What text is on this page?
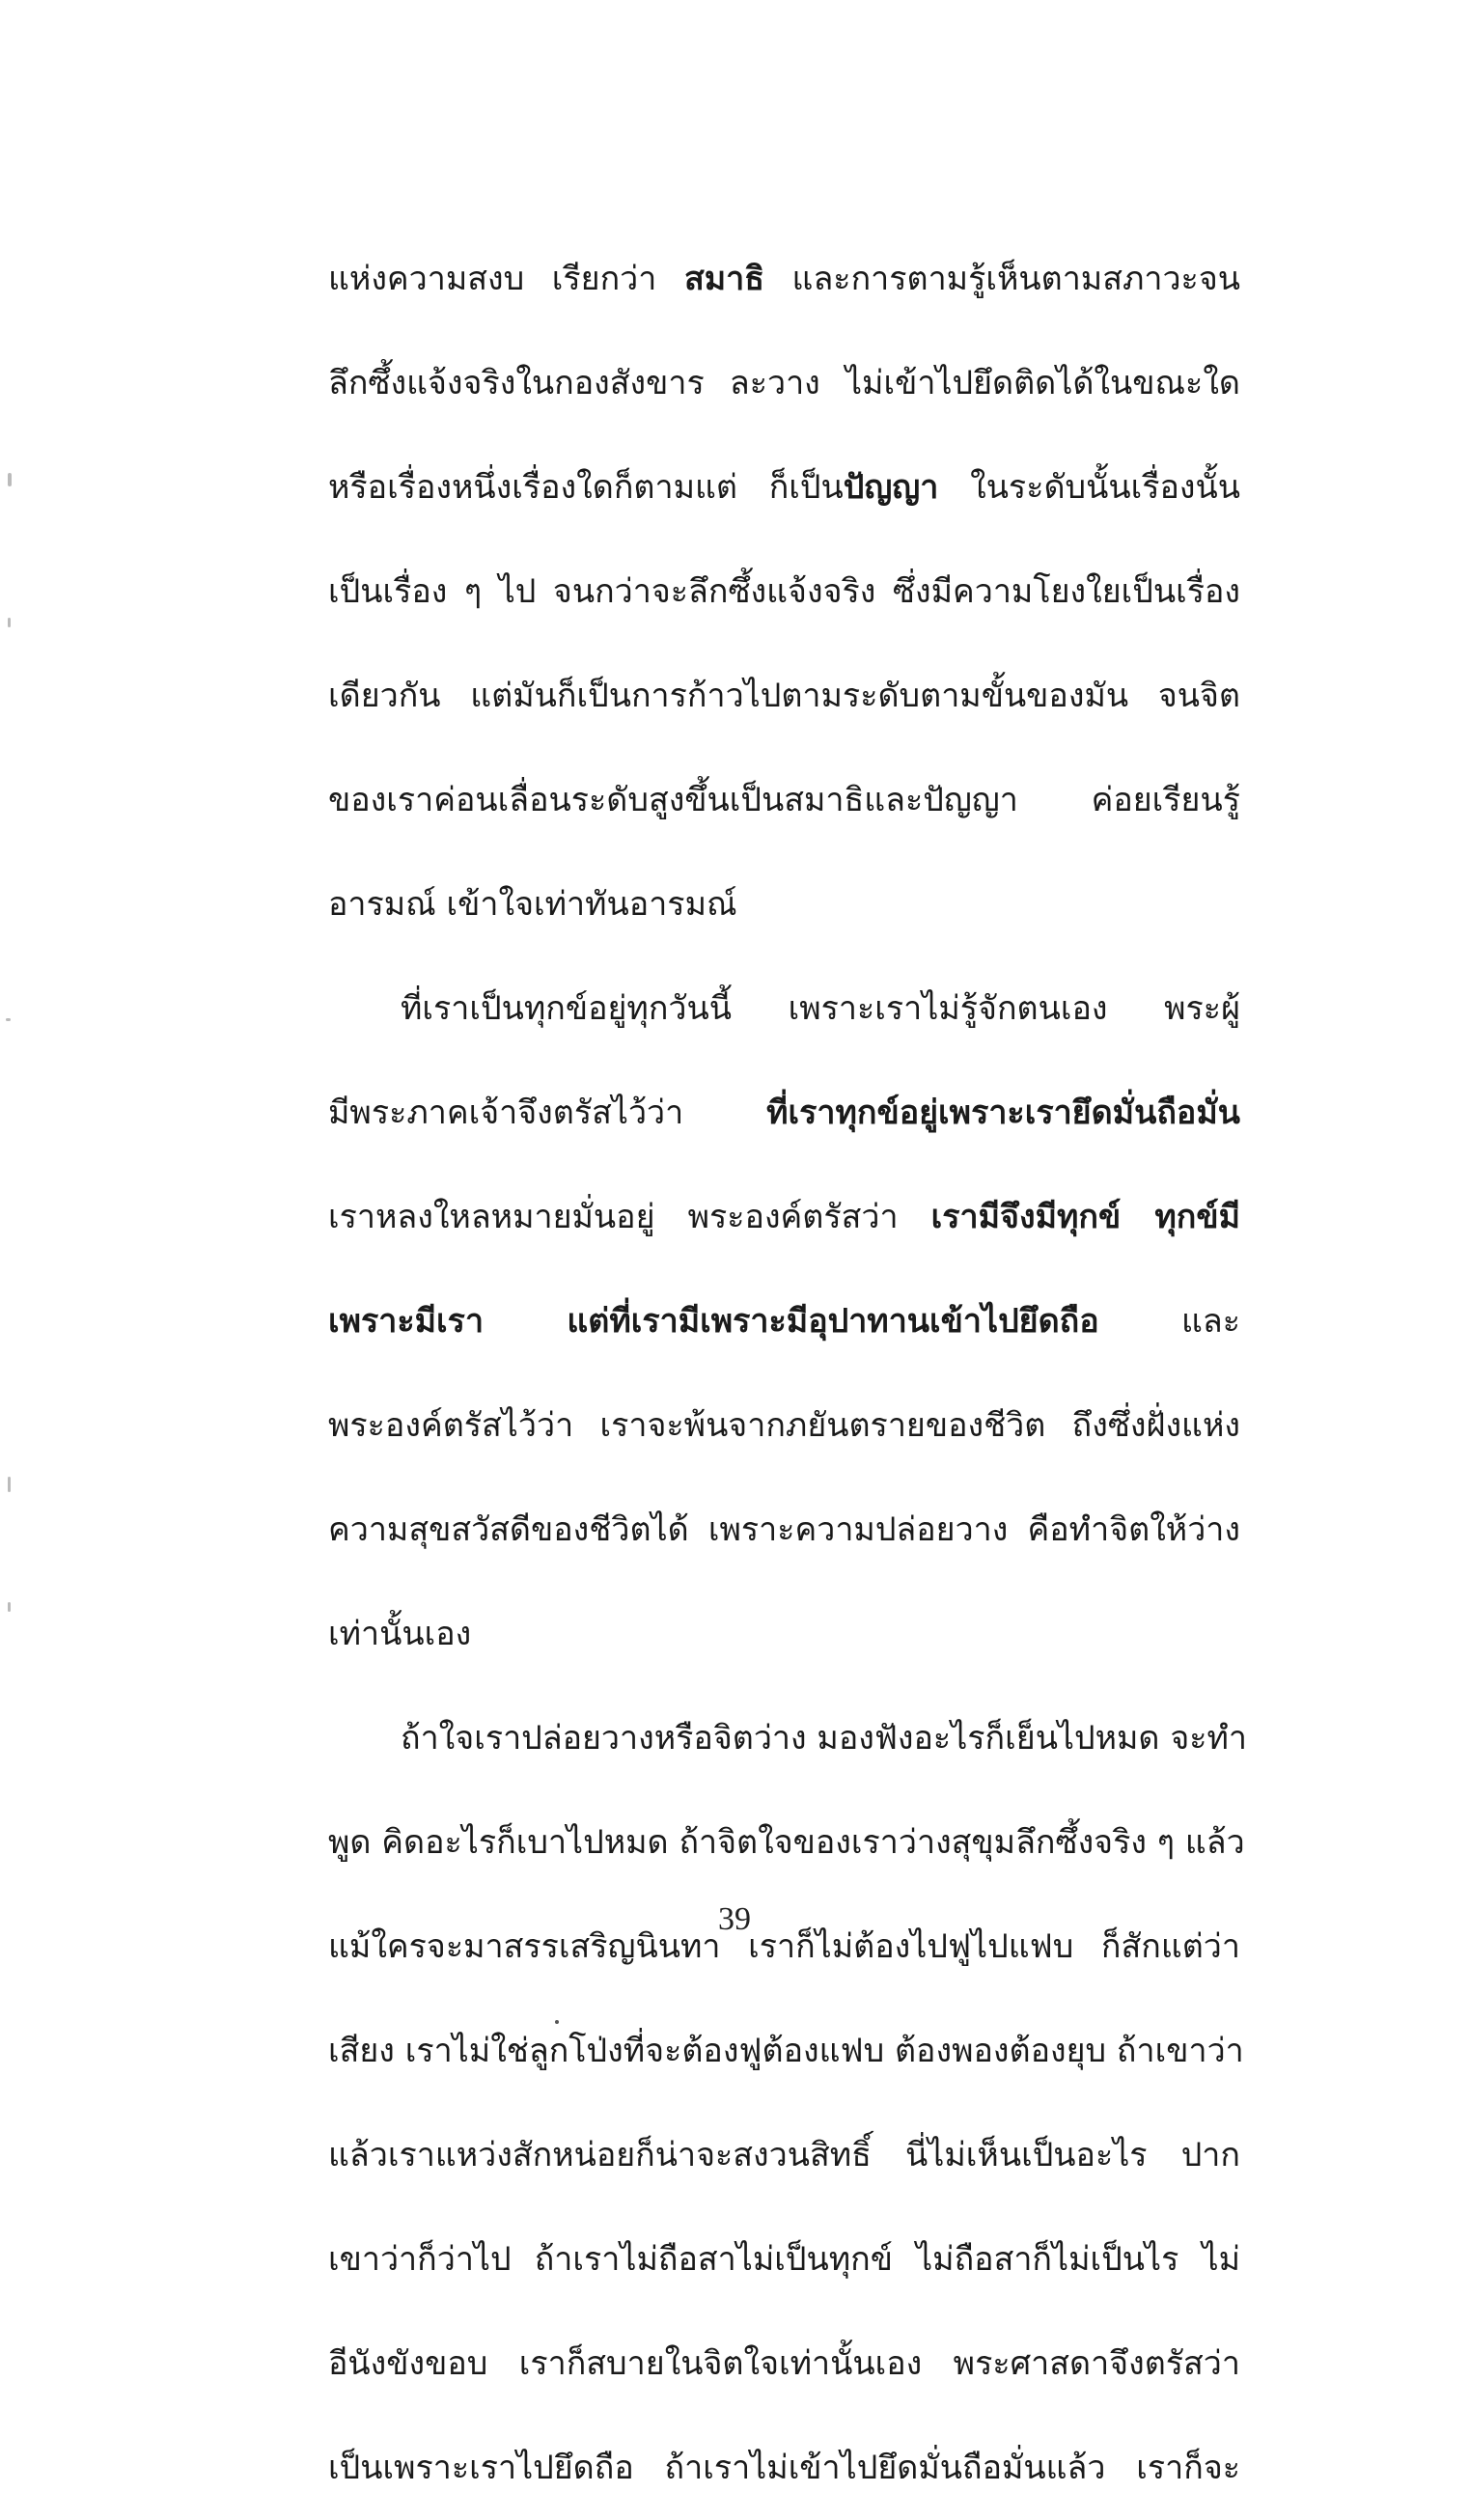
แห่งความสงบ เรียกว่า สมาธิ และการตามรู้เห็นตามสภาวะจน
ลึกซึ้งแจ้งจริงในกองสังขาร ละวาง ไม่เข้าไปยึดติดได้ในขณะใด
หรือเรื่องหนึ่งเรื่องใดก็ตามแต่ ก็เป็นปัญญา ในระดับนั้นเรื่องนั้น
เป็นเรื่อง ๆ ไป จนกว่าจะลึกซึ้งแจ้งจริง ซึ่งมีความโยงใยเป็นเรื่อง
เดียวกัน แต่มันก็เป็นการก้าวไปตามระดับตามขั้นของมัน จนจิต
ของเราค่อนเลื่อนระดับสูงขึ้นเป็นสมาธิและปัญญา ค่อยเรียนรู้
อารมณ์ เข้าใจเท่าทันอารมณ์
ที่เราเป็นทุกข์อยู่ทุกวันนี้ เพราะเราไม่รู้จักตนเอง พระผู้
มีพระภาคเจ้าจึงตรัสไว้ว่า ที่เราทุกข์อยู่เพราะเรายึดมั่นถือมั่น
เราหลงใหลหมายมั่นอยู่ พระองค์ตรัสว่า เรามีจึงมีทุกข์ ทุกข์มี
เพราะมีเรา แต่ที่เรามีเพราะมีอุปาทานเข้าไปยึดถือ และ
พระองค์ตรัสไว้ว่า เราจะพ้นจากภยันตรายของชีวิต ถึงซึ่งฝั่งแห่ง
ความสุขสวัสดีของชีวิตได้ เพราะความปล่อยวาง คือทำจิตให้ว่าง
เท่านั้นเอง
ถ้าใจเราปล่อยวางหรือจิตว่าง มองฟังอะไรก็เย็นไปหมด จะทำ
พูด คิดอะไรก็เบาไปหมด ถ้าจิตใจของเราว่างสุขุมลึกซึ้งจริง ๆ แล้ว
แม้ใครจะมาสรรเสริญนินทา เราก็ไม่ต้องไปฟูไปแฟบ ก็สักแต่ว่า
เสียง เราไม่ใช่ลูกโป่งที่จะต้องฟูต้องแฟบ ต้องพองต้องยุบ ถ้าเขาว่า
แล้วเราแหว่งสักหน่อยก็น่าจะสงวนสิทธิ์ นี่ไม่เห็นเป็นอะไร ปาก
เขาว่าก็ว่าไป ถ้าเราไม่ถือสาไม่เป็นทุกข์ ไม่ถือสาก็ไม่เป็นไร ไม่
อีนังขังขอบ เราก็สบายในจิตใจเท่านั้นเอง พระศาสดาจึงตรัสว่า
เป็นเพราะเราไปยึดถือ ถ้าเราไม่เข้าไปยึดมั่นถือมั่นแล้ว เราก็จะ
39
